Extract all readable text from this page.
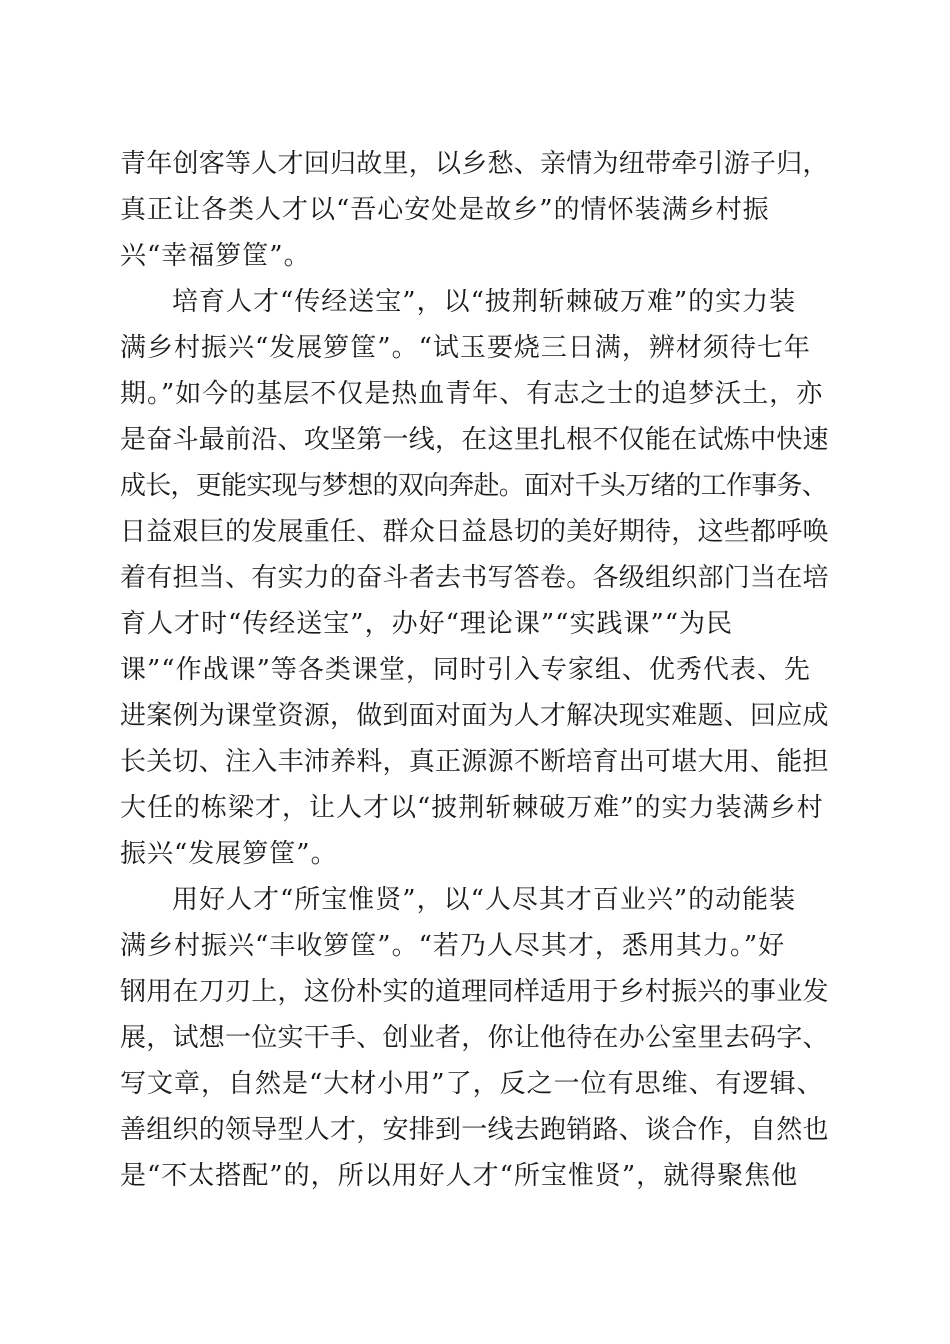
青年创客等人才回归故里，以乡愁、亲情为纽带牵引游子归，
真正让各类人才以“吾心安处是故乡”的情怀装满乡村振
兴“幸福箩筐”。
培育人才“传经送宝”，以“披荆斩棘破万难”的实力装
满乡村振兴“发展箩筐”。“试玉要烧三日满，辨材须待七年
期。”如今的基层不仅是热血青年、有志之士的追梦沃土，亦
是奋斗最前沿、攻坚第一线，在这里扎根不仅能在试炼中快速
成长，更能实现与梦想的双向奔赴。面对千头万绪的工作事务、
日益艰巨的发展重任、群众日益恳切的美好期待，这些都呼唤
着有担当、有实力的奋斗者去书写答卷。各级组织部门当在培
育人才时“传经送宝”，办好“理论课”“实践课”“为民
课”“作战课”等各类课堂，同时引入专家组、优秀代表、先
进案例为课堂资源，做到面对面为人才解决现实难题、回应成
长关切、注入丰沛养料，真正源源不断培育出可堪大用、能担
大任的栋梁才，让人才以“披荆斩棘破万难”的实力装满乡村
振兴“发展箩筐”。
用好人才“所宝惟贤”，以“人尽其才百业兴”的动能装
满乡村振兴“丰收箩筐”。“若乃人尽其才，悉用其力。”好
钢用在刀刃上，这份朴实的道理同样适用于乡村振兴的事业发
展，试想一位实干手、创业者，你让他待在办公室里去码字、
写文章，自然是“大材小用”了，反之一位有思维、有逻辑、
善组织的领导型人才，安排到一线去跑销路、谈合作，自然也
是“不太搭配”的，所以用好人才“所宝惟贤”，就得聚焦他
